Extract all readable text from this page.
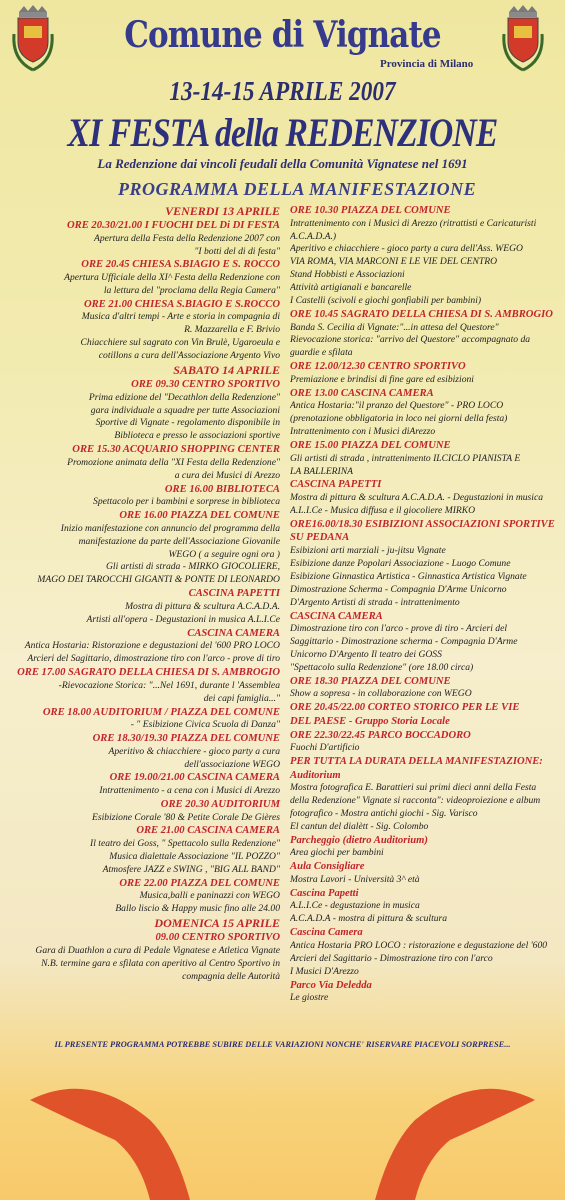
Comune di Vignate
Provincia di Milano
13-14-15 APRILE 2007
XI FESTA della REDENZIONE
La Redenzione dai vincoli feudali della Comunità Vignatese nel 1691
PROGRAMMA DELLA MANIFESTAZIONE
VENERDI 13 APRILE
ORE 20.30/21.00 I FUOCHI DEL Di DI FESTA
Apertura della Festa della Redenzione 2007 con
"I botti del di di festa"
ORE 20.45 CHIESA S.BIAGIO E S. ROCCO
Apertura Ufficiale della XI^ Festa della Redenzione con
la lettura del "proclama della Regia Camera"
ORE 21.00 CHIESA S.BIAGIO E S.ROCCO
Musica d'altri tempi - Arte e storia in compagnia di
R. Mazzarella e F. Brivio
Chiacchiere sul sagrato con Vin Brulè, Ugaroeula e
cotillons a cura dell'Associazione Argento Vivo
SABATO 14 APRILE
ORE 09.30 CENTRO SPORTIVO
Prima edizione del "Decathlon della Redenzione"
gara individuale a squadre per tutte Associazioni
Sportive di Vignate - regolamento disponibile in
Biblioteca e presso le associazioni sportive
ORE 15.30 ACQUARIO SHOPPING CENTER
Promozione animata della "XI Festa della Redenzione"
a cura dei Musici di Arezzo
ORE 16.00 BIBLIOTECA
Spettacolo per i bambini e sorprese in biblioteca
ORE 16.00 PIAZZA DEL COMUNE
Inizio manifestazione con annuncio del programma della
manifestazione da parte dell'Associazione Giovanile
WEGO ( a seguire ogni ora )
Gli artisti di strada - MIRKO GIOCOLIERE,
MAGO DEI TAROCCHI GIGANTI & PONTE DI LEONARDO
CASCINA PAPETTI
Mostra di pittura & scultura A.C.A.D.A.
Artisti all'opera - Degustazioni in musica A.L.I.Ce
CASCINA CAMERA
Antica Hostaria: Ristorazione e degustazioni del '600 PRO LOCO
Arcieri del Sagittario, dimostrazione tiro con l'arco - prove di tiro
ORE 17.00 SAGRATO DELLA CHIESA DI S. AMBROGIO
-Rievocazione Storica: "...Nel 1691, durante l 'Assemblea
dei capi famiglia..."
ORE 18.00 AUDITORIUM / PIAZZA DEL COMUNE
- " Esibizione Civica Scuola di Danza"
ORE 18.30/19.30 PIAZZA DEL COMUNE
Aperitivo & chiacchiere - gioco party a cura
dell'associazione WEGO
ORE 19.00/21.00 CASCINA CAMERA
Intrattenimento - a cena con i Musici di Arezzo
ORE 20.30 AUDITORIUM
Esibizione Corale '80 & Petite Corale De Gières
ORE 21.00 CASCINA CAMERA
Il teatro dei Goss, " Spettacolo sulla Redenzione"
Musica dialettale Associazione "IL POZZO"
Atmosfere JAZZ e SWING , "BIG ALL BAND"
ORE 22.00 PIAZZA DEL COMUNE
Musica,balli e paninazzi con WEGO
Ballo liscio & Happy music fino alle 24.00
DOMENICA 15 APRILE
09.00 CENTRO SPORTIVO
Gara di Duathlon a cura di Pedale Vignatese e Atletica Vignate
N.B. termine gara e sfilata con aperitivo al Centro Sportivo in
compagnia delle Autorità
ORE 10.30 PIAZZA DEL COMUNE
Intrattenimento con i Musici di Arezzo (ritrattisti e Caricaturisti
A.C.A.D.A.)
Aperitivo e chiacchiere - gioco party a cura dell'Ass. WEGO
VIA ROMA, VIA MARCONI E LE VIE DEL CENTRO
Stand Hobbisti e Associazioni
Attività artigianali e bancarelle
I Castelli (scivoli e giochi gonfiabili per bambini)
ORE 10.45 SAGRATO DELLA CHIESA DI S. AMBROGIO
Banda S. Cecilia di Vignate:"...in attesa del Questore"
Rievocazione storica: "arrivo del Questore" accompagnato da
guardie e sfilata
ORE 12.00/12.30 CENTRO SPORTIVO
Premiazione e brindisi di fine gare ed esibizioni
ORE 13.00 CASCINA CAMERA
Antica Hostaria:"il pranzo del Questore" - PRO LOCO
(prenotazione obbligatoria in loco nei giorni della festa)
Intrattenimento con i Musici diArezzo
ORE 15.00 PIAZZA DEL COMUNE
Gli artisti di strada , intrattenimento ILCICLO PIANISTA E
LA BALLERINA
CASCINA PAPETTI
Mostra di pittura & scultura A.C.A.D.A. - Degustazioni in musica
A.L.I.Ce - Musica diffusa e il giocoliere MIRKO
ORE16.00/18.30 ESIBIZIONI ASSOCIAZIONI SPORTIVE
SU PEDANA
Esibizioni arti marziali - ju-jitsu Vignate
Esibizione danze Popolari Associazione - Luogo Comune
Esibizione Ginnastica Artistica - Ginnastica Artistica Vignate
Dimostrazione Scherma - Compagnia D'Arme Unicorno
D'Argento Artisti di strada - intrattenimento
CASCINA CAMERA
Dimostrazione tiro con l'arco - prove di tiro - Arcieri del
Saggittario - Dimostrazione scherma - Compagnia D'Arme
Unicorno D'Argento Il teatro dei GOSS
"Spettacolo sulla Redenzione" (ore 18.00 circa)
ORE 18.30 PIAZZA DEL COMUNE
Show a sopresa - in collaborazione con WEGO
ORE 20.45/22.00 CORTEO STORICO PER LE VIE
DEL PAESE - Gruppo Storia Locale
ORE 22.30/22.45 PARCO BOCCADORO
Fuochi D'artificio
PER TUTTA LA DURATA DELLA MANIFESTAZIONE:
Auditorium
Mostra fotografica E. Barattieri sui primi dieci anni della Festa
della Redenzione" Vignate si racconta": videoproiezione e album
fotografico - Mostra antichi giochi - Sig. Varisco
El cantun del dialètt - Sig. Colombo
Parcheggio (dietro Auditorium)
Area giochi per bambini
Aula Consigliare
Mostra Lavori - Università 3^ età
Cascina Papetti
A.L.I.Ce - degustazione in musica
A.C.A.D.A - mostra di pittura & scultura
Cascina Camera
Antica Hostaria PRO LOCO : ristorazione e degustazione del '600
Arcieri del Sagittario - Dimostrazione tiro con l'arco
I Musici D'Arezzo
Parco Via Deledda
Le giostre
IL PRESENTE PROGRAMMA POTREBBE SUBIRE DELLE VARIAZIONI NONCHE' RISERVARE PIACEVOLI SORPRESE...
